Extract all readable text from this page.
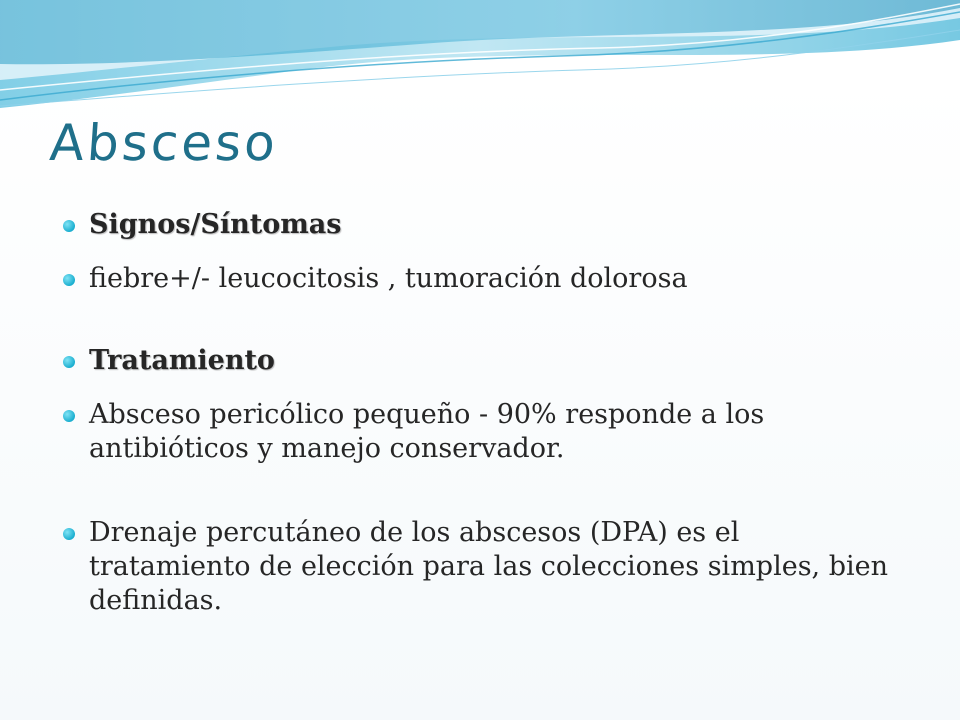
Absceso
Signos/Síntomas
fiebre+/- leucocitosis , tumoración dolorosa
Tratamiento
Absceso pericólico pequeño - 90% responde a los antibióticos y manejo conservador.
Drenaje percutáneo de los abscesos (DPA) es el tratamiento de elección para las colecciones simples, bien definidas.
